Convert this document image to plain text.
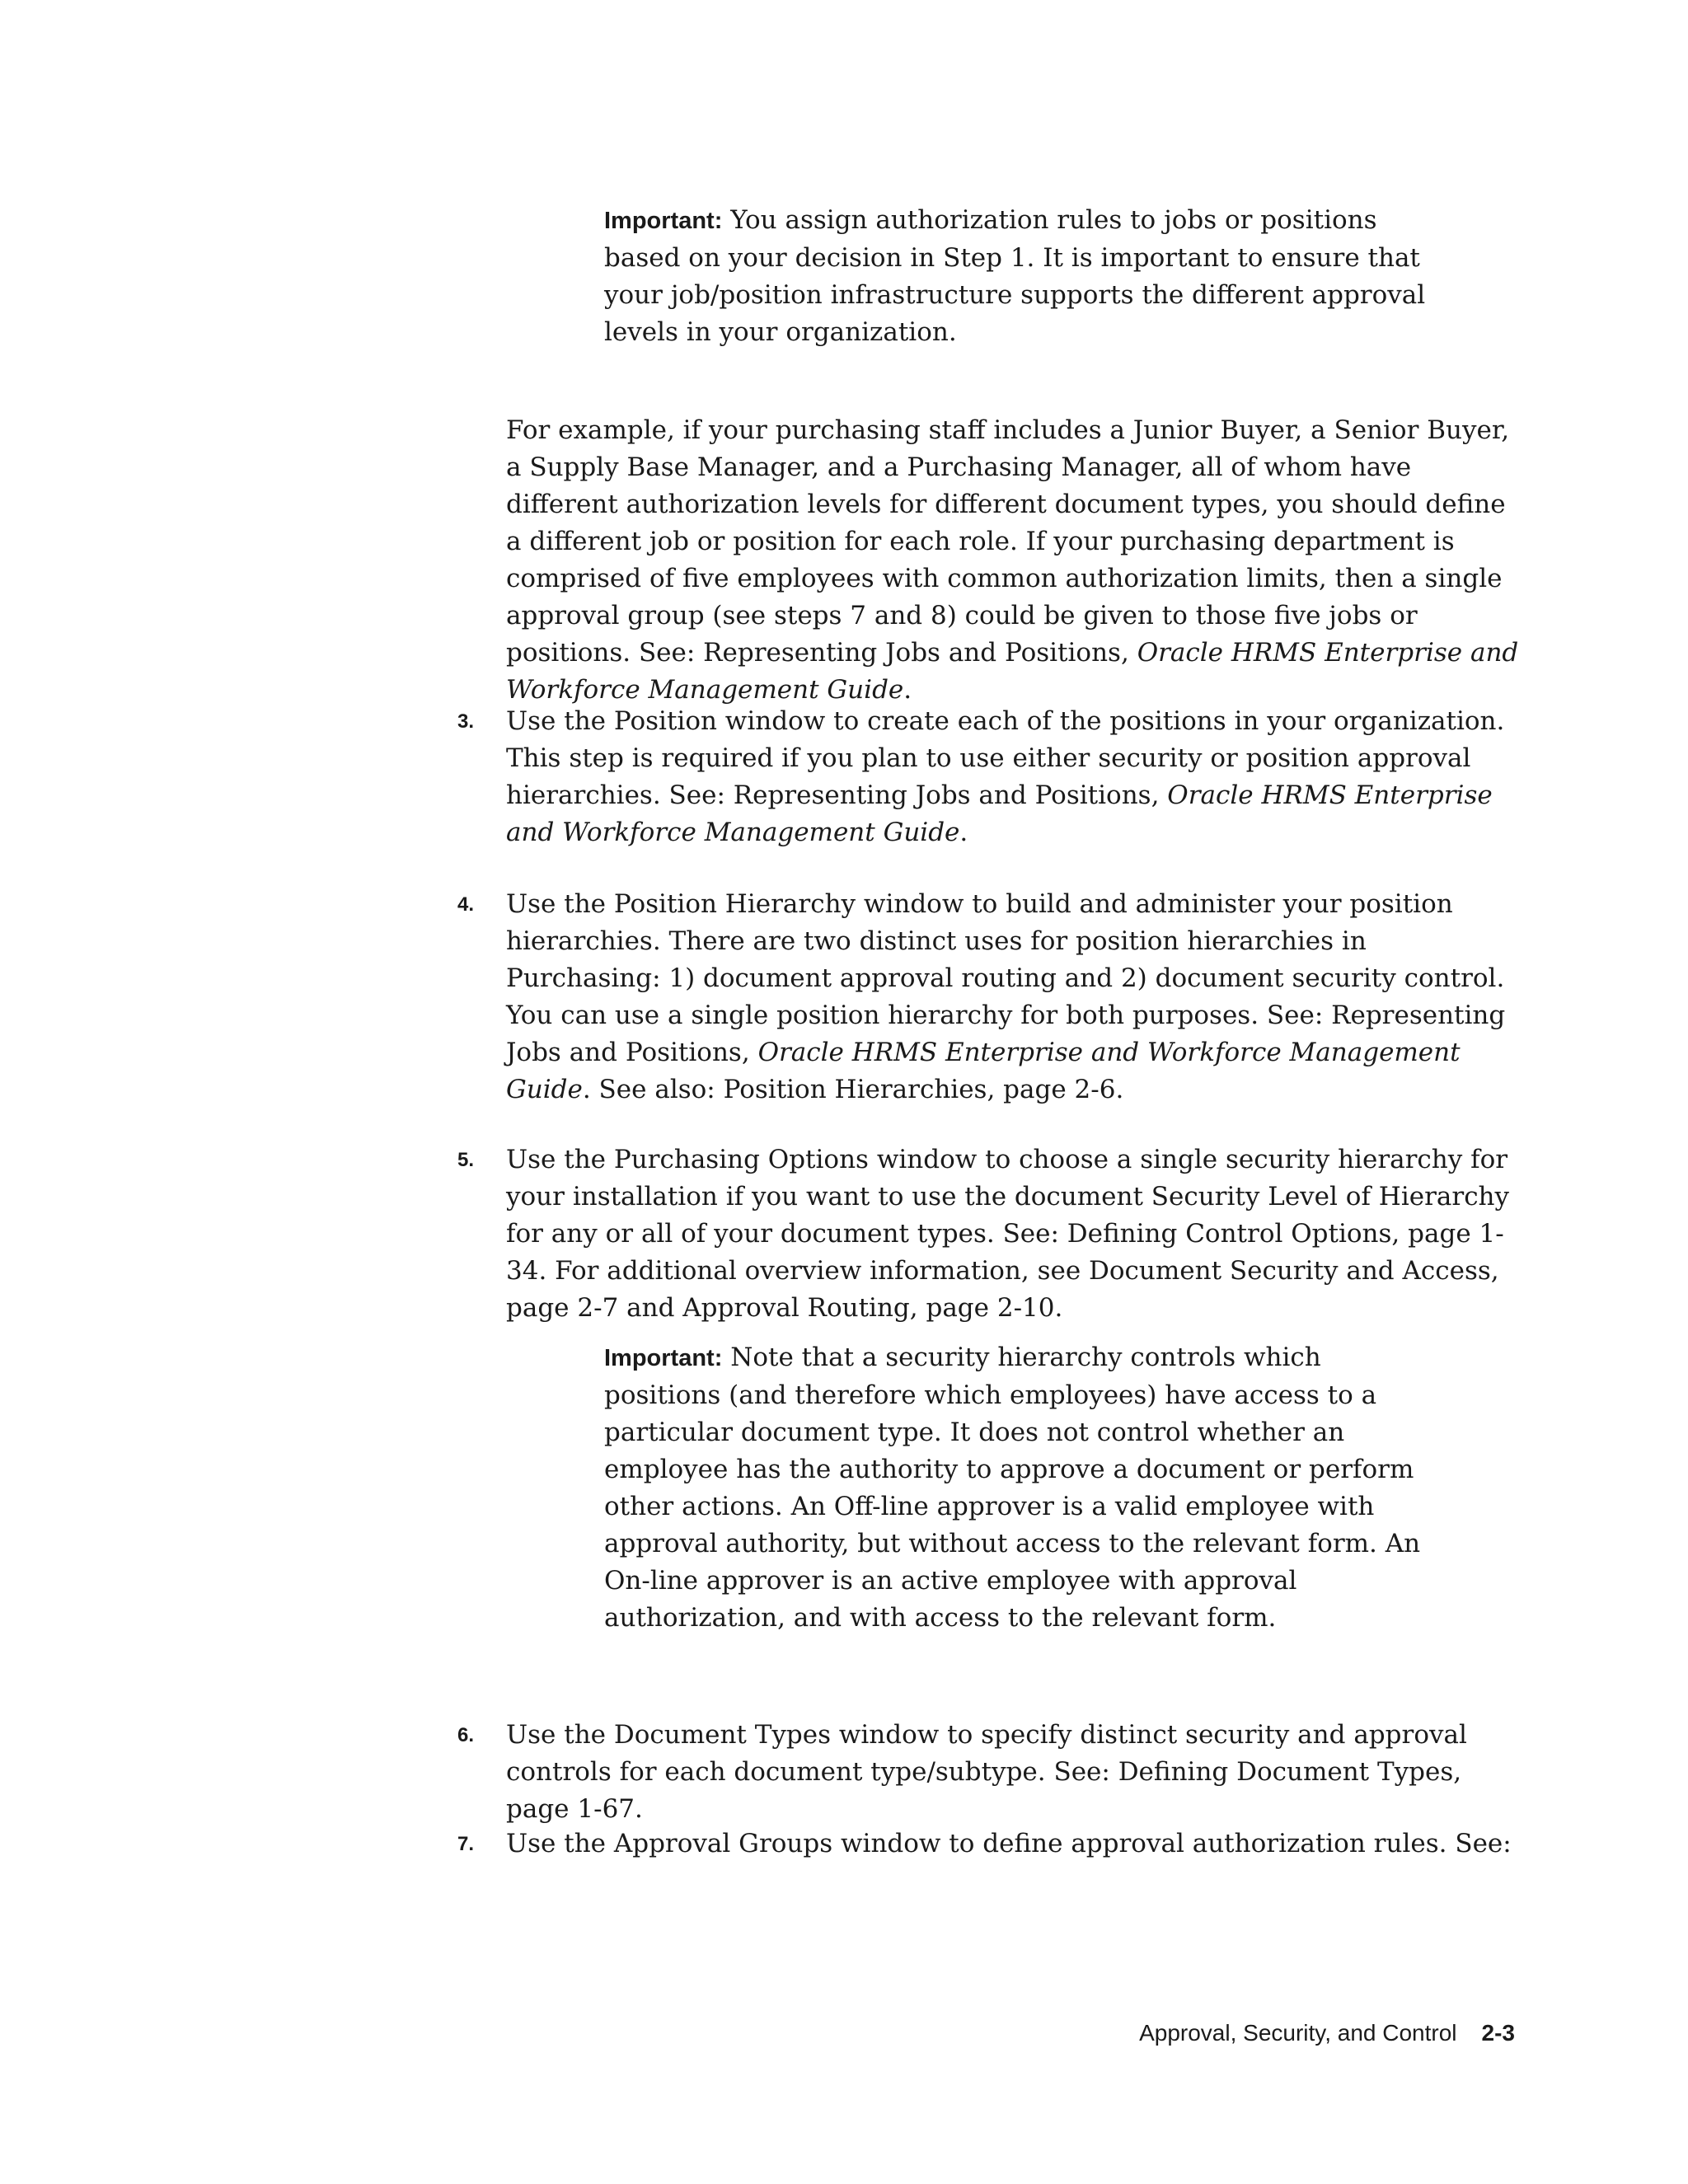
Important: You assign authorization rules to jobs or positions based on your decision in Step 1. It is important to ensure that your job/position infrastructure supports the different approval levels in your organization.
For example, if your purchasing staff includes a Junior Buyer, a Senior Buyer, a Supply Base Manager, and a Purchasing Manager, all of whom have different authorization levels for different document types, you should define a different job or position for each role. If your purchasing department is comprised of five employees with common authorization limits, then a single approval group (see steps 7 and 8) could be given to those five jobs or positions. See: Representing Jobs and Positions, Oracle HRMS Enterprise and Workforce Management Guide.
3.	Use the Position window to create each of the positions in your organization. This step is required if you plan to use either security or position approval hierarchies. See: Representing Jobs and Positions, Oracle HRMS Enterprise and Workforce Management Guide.
4.	Use the Position Hierarchy window to build and administer your position hierarchies. There are two distinct uses for position hierarchies in Purchasing: 1) document approval routing and 2) document security control. You can use a single position hierarchy for both purposes. See: Representing Jobs and Positions, Oracle HRMS Enterprise and Workforce Management Guide. See also: Position Hierarchies, page 2-6.
5.	Use the Purchasing Options window to choose a single security hierarchy for your installation if you want to use the document Security Level of Hierarchy for any or all of your document types. See: Defining Control Options, page 1-34. For additional overview information, see Document Security and Access, page 2-7 and Approval Routing, page 2-10.
Important: Note that a security hierarchy controls which positions (and therefore which employees) have access to a particular document type. It does not control whether an employee has the authority to approve a document or perform other actions. An Off-line approver is a valid employee with approval authority, but without access to the relevant form. An On-line approver is an active employee with approval authorization, and with access to the relevant form.
6.	Use the Document Types window to specify distinct security and approval controls for each document type/subtype. See: Defining Document Types, page 1-67.
7.	Use the Approval Groups window to define approval authorization rules. See:
Approval, Security, and Control 2-3
